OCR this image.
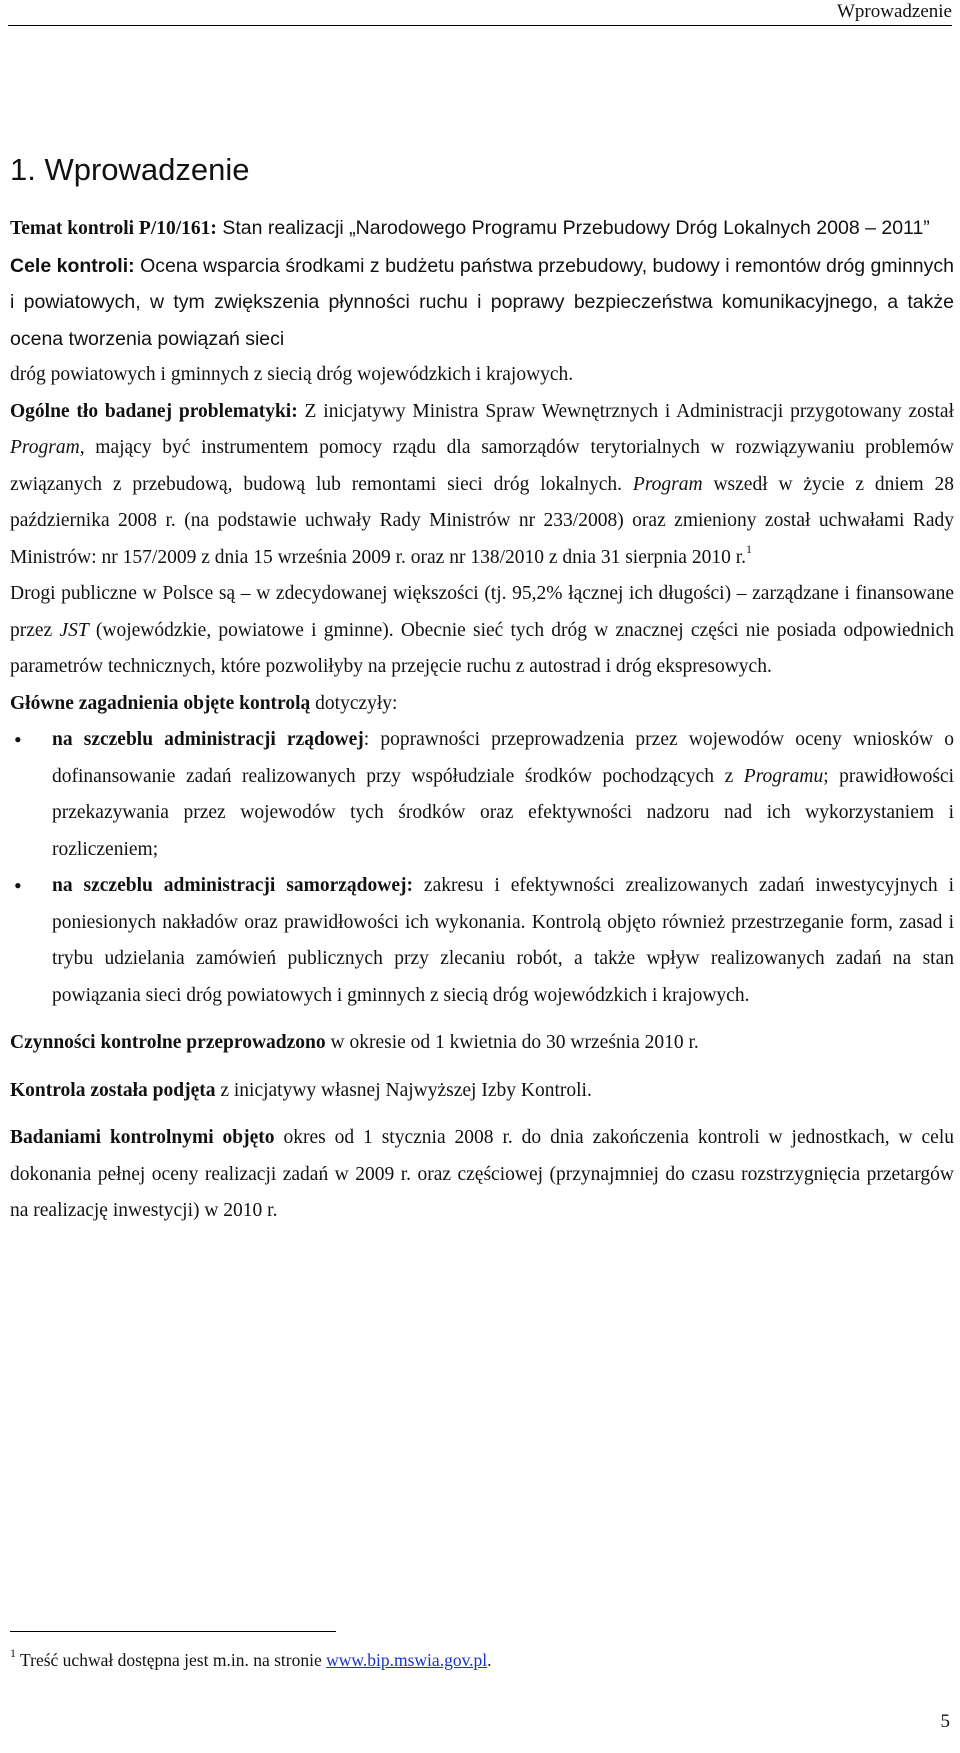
Wprowadzenie
1. Wprowadzenie

Temat kontroli P/10/161: Stan realizacji „Narodowego Programu Przebudowy Dróg Lokalnych 2008 – 2011”

Cele kontroli: Ocena wsparcia środkami z budżetu państwa przebudowy, budowy i remontów dróg gminnych i powiatowych, w tym zwiększenia płynności ruchu i poprawy bezpieczeństwa komunikacyjnego, a także ocena tworzenia powiązań sieci

dróg powiatowych i gminnych z siecią dróg wojewódzkich i krajowych.

Ogólne tło badanej problematyki: Z inicjatywy Ministra Spraw Wewnętrznych i Administracji przygotowany został Program, mający być instrumentem pomocy rządu dla samorządów terytorialnych w rozwiązywaniu problemów związanych z przebudową, budową lub remontami sieci dróg lokalnych. Program wszedł w życie z dniem 28 października 2008 r. (na podstawie uchwały Rady Ministrów nr 233/2008) oraz zmieniony został uchwałami Rady Ministrów: nr 157/2009 z dnia 15 września 2009 r. oraz nr 138/2010 z dnia 31 sierpnia 2010 r.$^1$

Drogi publiczne w Polsce są – w zdecydowanej większości (tj. 95,2% łącznej ich długości) – zarządzane i finansowane przez JST (wojewódzkie, powiatowe i gminne). Obecnie sieć tych dróg w znacznej części nie posiada odpowiednich parametrów technicznych, które pozwoliłyby na przejęcie ruchu z autostrad i dróg ekspresowych.

Główne zagadnienia objęte kontrolą dotyczyły:

• na szczeblu administracji rządowej: poprawności przeprowadzenia przez wojewodów oceny wniosków o dofinansowanie zadań realizowanych przy współudziale środków pochodzących z Programu; prawidłowości przekazywania przez wojewodów tych środków oraz efektywności nadzoru nad ich wykorzystaniem i rozliczeniem;
• na szczeblu administracji samorządowej: zakresu i efektywności zrealizowanych zadań inwestycyjnych i poniesionych nakładów oraz prawidłowości ich wykonania. Kontrolą objęto również przestrzeganie form, zasad i trybu udzielania zamówień publicznych przy zlecaniu robót, a także wpływ realizowanych zadań na stan powiązania sieci dróg powiatowych i gminnych z siecią dróg wojewódzkich i krajowych.

Czynności kontrolne przeprowadzono w okresie od 1 kwietnia do 30 września 2010 r.

Kontrola została podjęta z inicjatywy własnej Najwyższej Izby Kontroli.

Badaniami kontrolnymi objęto okres od 1 stycznia 2008 r. do dnia zakończenia kontroli w jednostkach, w celu dokonania pełnej oceny realizacji zadań w 2009 r. oraz częściowej (przynajmniej do czasu rozstrzygnięcia przetargów na realizację inwestycji) w 2010 r.

$^1$ Treść uchwał dostępna jest m.in. na stronie www.bip.mswia.gov.pl.
5
